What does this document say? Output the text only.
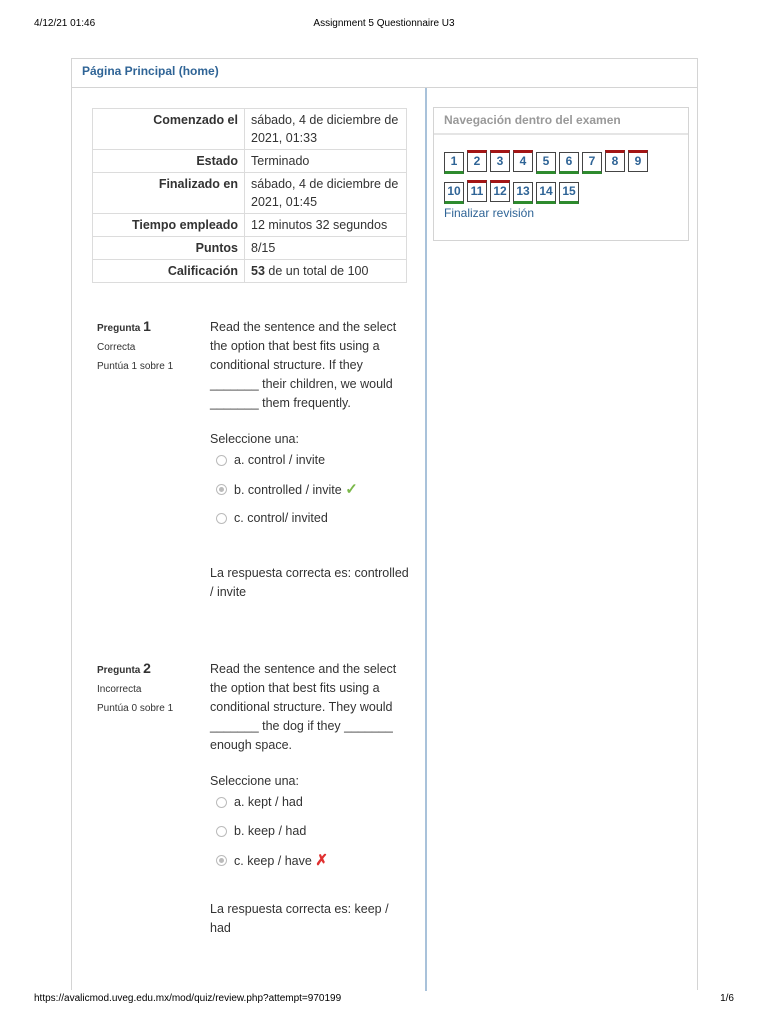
4/12/21 01:46	Assignment 5 Questionnaire U3
Página Principal (home)
Comenzado el	sábado, 4 de diciembre de 2021, 01:33
Estado	Terminado
Finalizado en	sábado, 4 de diciembre de 2021, 01:45
Tiempo empleado	12 minutos 32 segundos
Puntos	8/15
Calificación	53 de un total de 100
Navegación dentro del examen
1 2 3 4 5 6 7 8 9
10 11 12 13 14 15
Finalizar revisión
Pregunta 1
Correcta
Puntúa 1 sobre 1
Read the sentence and the select the option that best fits using a conditional structure. If they _______ their children, we would _______ them frequently.
Seleccione una:
a. control / invite
b. controlled / invite ✓
c. control/ invited
La respuesta correcta es: controlled / invite
Pregunta 2
Incorrecta
Puntúa 0 sobre 1
Read the sentence and the select the option that best fits using a conditional structure. They would _______ the dog if they _______ enough space.
Seleccione una:
a. kept / had
b. keep / had
c. keep / have ✗
La respuesta correcta es: keep / had
https://avalicmod.uveg.edu.mx/mod/quiz/review.php?attempt=970199	1/6
